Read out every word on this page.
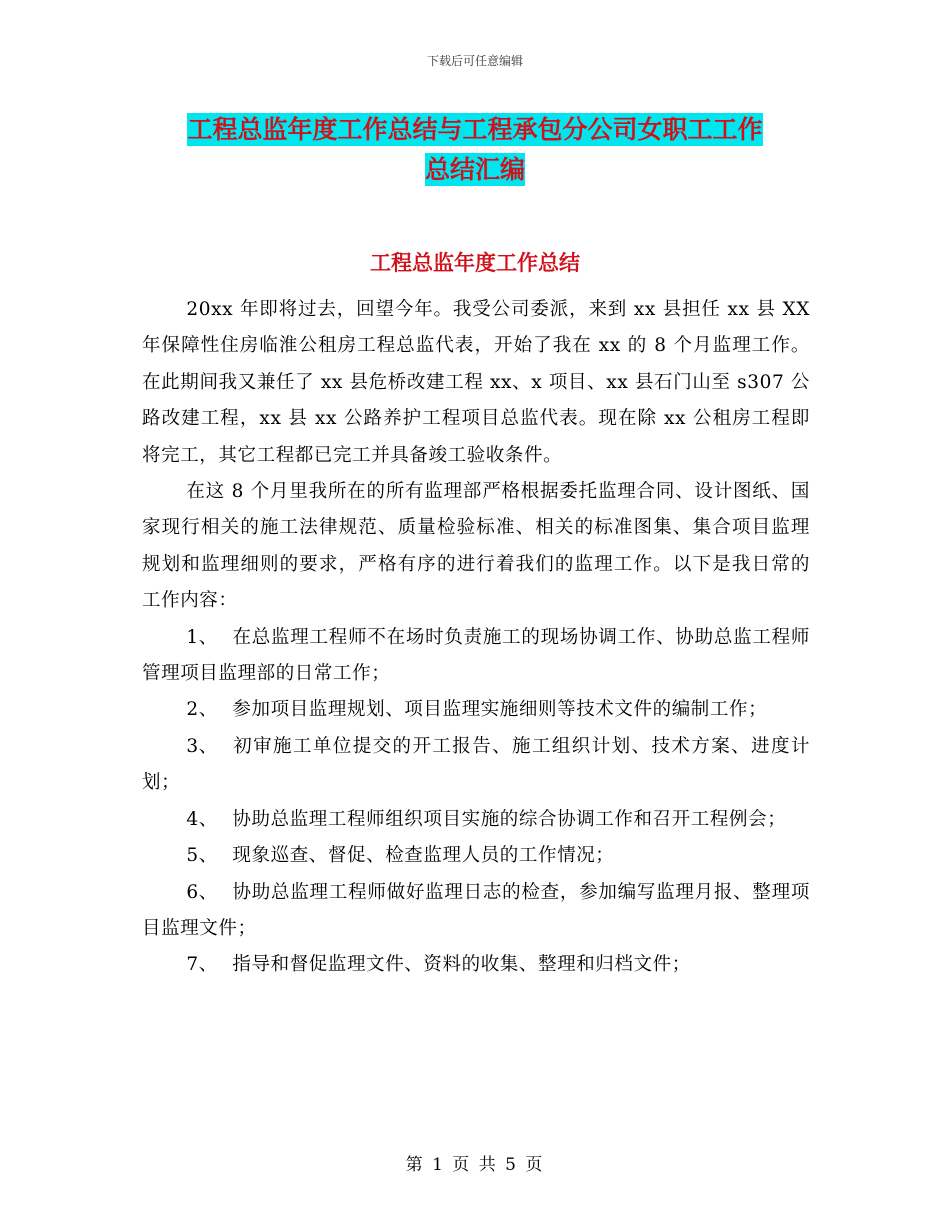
下载后可任意编辑
工程总监年度工作总结与工程承包分公司女职工工作
总结汇编
工程总监年度工作总结

20xx 年即将过去，回望今年。我受公司委派，来到 xx 县担任 xx 县 XX 年保障性住房临淮公租房工程总监代表，开始了我在 xx 的 8 个月监理工作。在此期间我又兼任了 xx 县危桥改建工程 xx、x 项目、xx 县石门山至 s307 公路改建工程，xx 县 xx 公路养护工程项目总监代表。现在除 xx 公租房工程即将完工，其它工程都已完工并具备竣工验收条件。

在这 8 个月里我所在的所有监理部严格根据委托监理合同、设计图纸、国家现行相关的施工法律规范、质量检验标准、相关的标准图集、集合项目监理规划和监理细则的要求，严格有序的进行着我们的监理工作。以下是我日常的工作内容：

1、 在总监理工程师不在场时负责施工的现场协调工作、协助总监工程师管理项目监理部的日常工作；

2、 参加项目监理规划、项目监理实施细则等技术文件的编制工作；

3、 初审施工单位提交的开工报告、施工组织计划、技术方案、进度计划；

4、 协助总监理工程师组织项目实施的综合协调工作和召开工程例会；

5、 现象巡查、督促、检查监理人员的工作情况；

6、 协助总监理工程师做好监理日志的检查，参加编写监理月报、整理项目监理文件；

7、 指导和督促监理文件、资料的收集、整理和归档文件；

第 1 页 共 5 页
